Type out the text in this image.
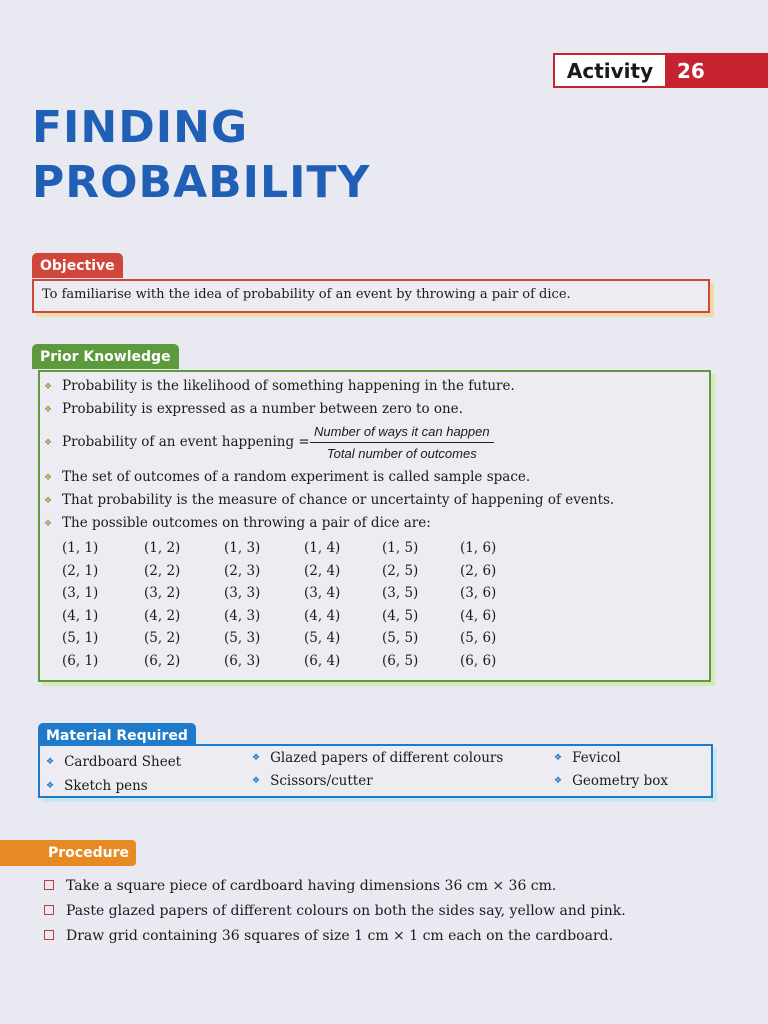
Activity	26
FINDING
PROBABILITY
Objective
To familiarise with the idea of probability of an event by throwing a pair of dice.
Prior Knowledge
❖ Probability is the likelihood of something happening in the future.
❖ Probability is expressed as a number between zero to one.
❖ Probability of an event happening =
Number of ways it can happen
Total number of outcomes
❖ The set of outcomes of a random experiment is called sample space.
❖ That probability is the measure of chance or uncertainty of happening of events.
❖ The possible outcomes on throwing a pair of dice are:
(1, 1)	(1, 2)	(1, 3)	(1, 4)	(1, 5)	(1, 6)
(2, 1)	(2, 2)	(2, 3)	(2, 4)	(2, 5)	(2, 6)
(3, 1)	(3, 2)	(3, 3)	(3, 4)	(3, 5)	(3, 6)
(4, 1)	(4, 2)	(4, 3)	(4, 4)	(4, 5)	(4, 6)
(5, 1)	(5, 2)	(5, 3)	(5, 4)	(5, 5)	(5, 6)
(6, 1)	(6, 2)	(6, 3)	(6, 4)	(6, 5)	(6, 6)
Material Required
❖ Cardboard Sheet
❖ Sketch pens
❖ Glazed papers of different colours
❖ Scissors/cutter
❖ Fevicol
❖ Geometry box
Procedure
Take a square piece of cardboard having dimensions 36 cm × 36 cm.
Paste glazed papers of different colours on both the sides say, yellow and pink.
Draw grid containing 36 squares of size 1 cm × 1 cm each on the cardboard.
